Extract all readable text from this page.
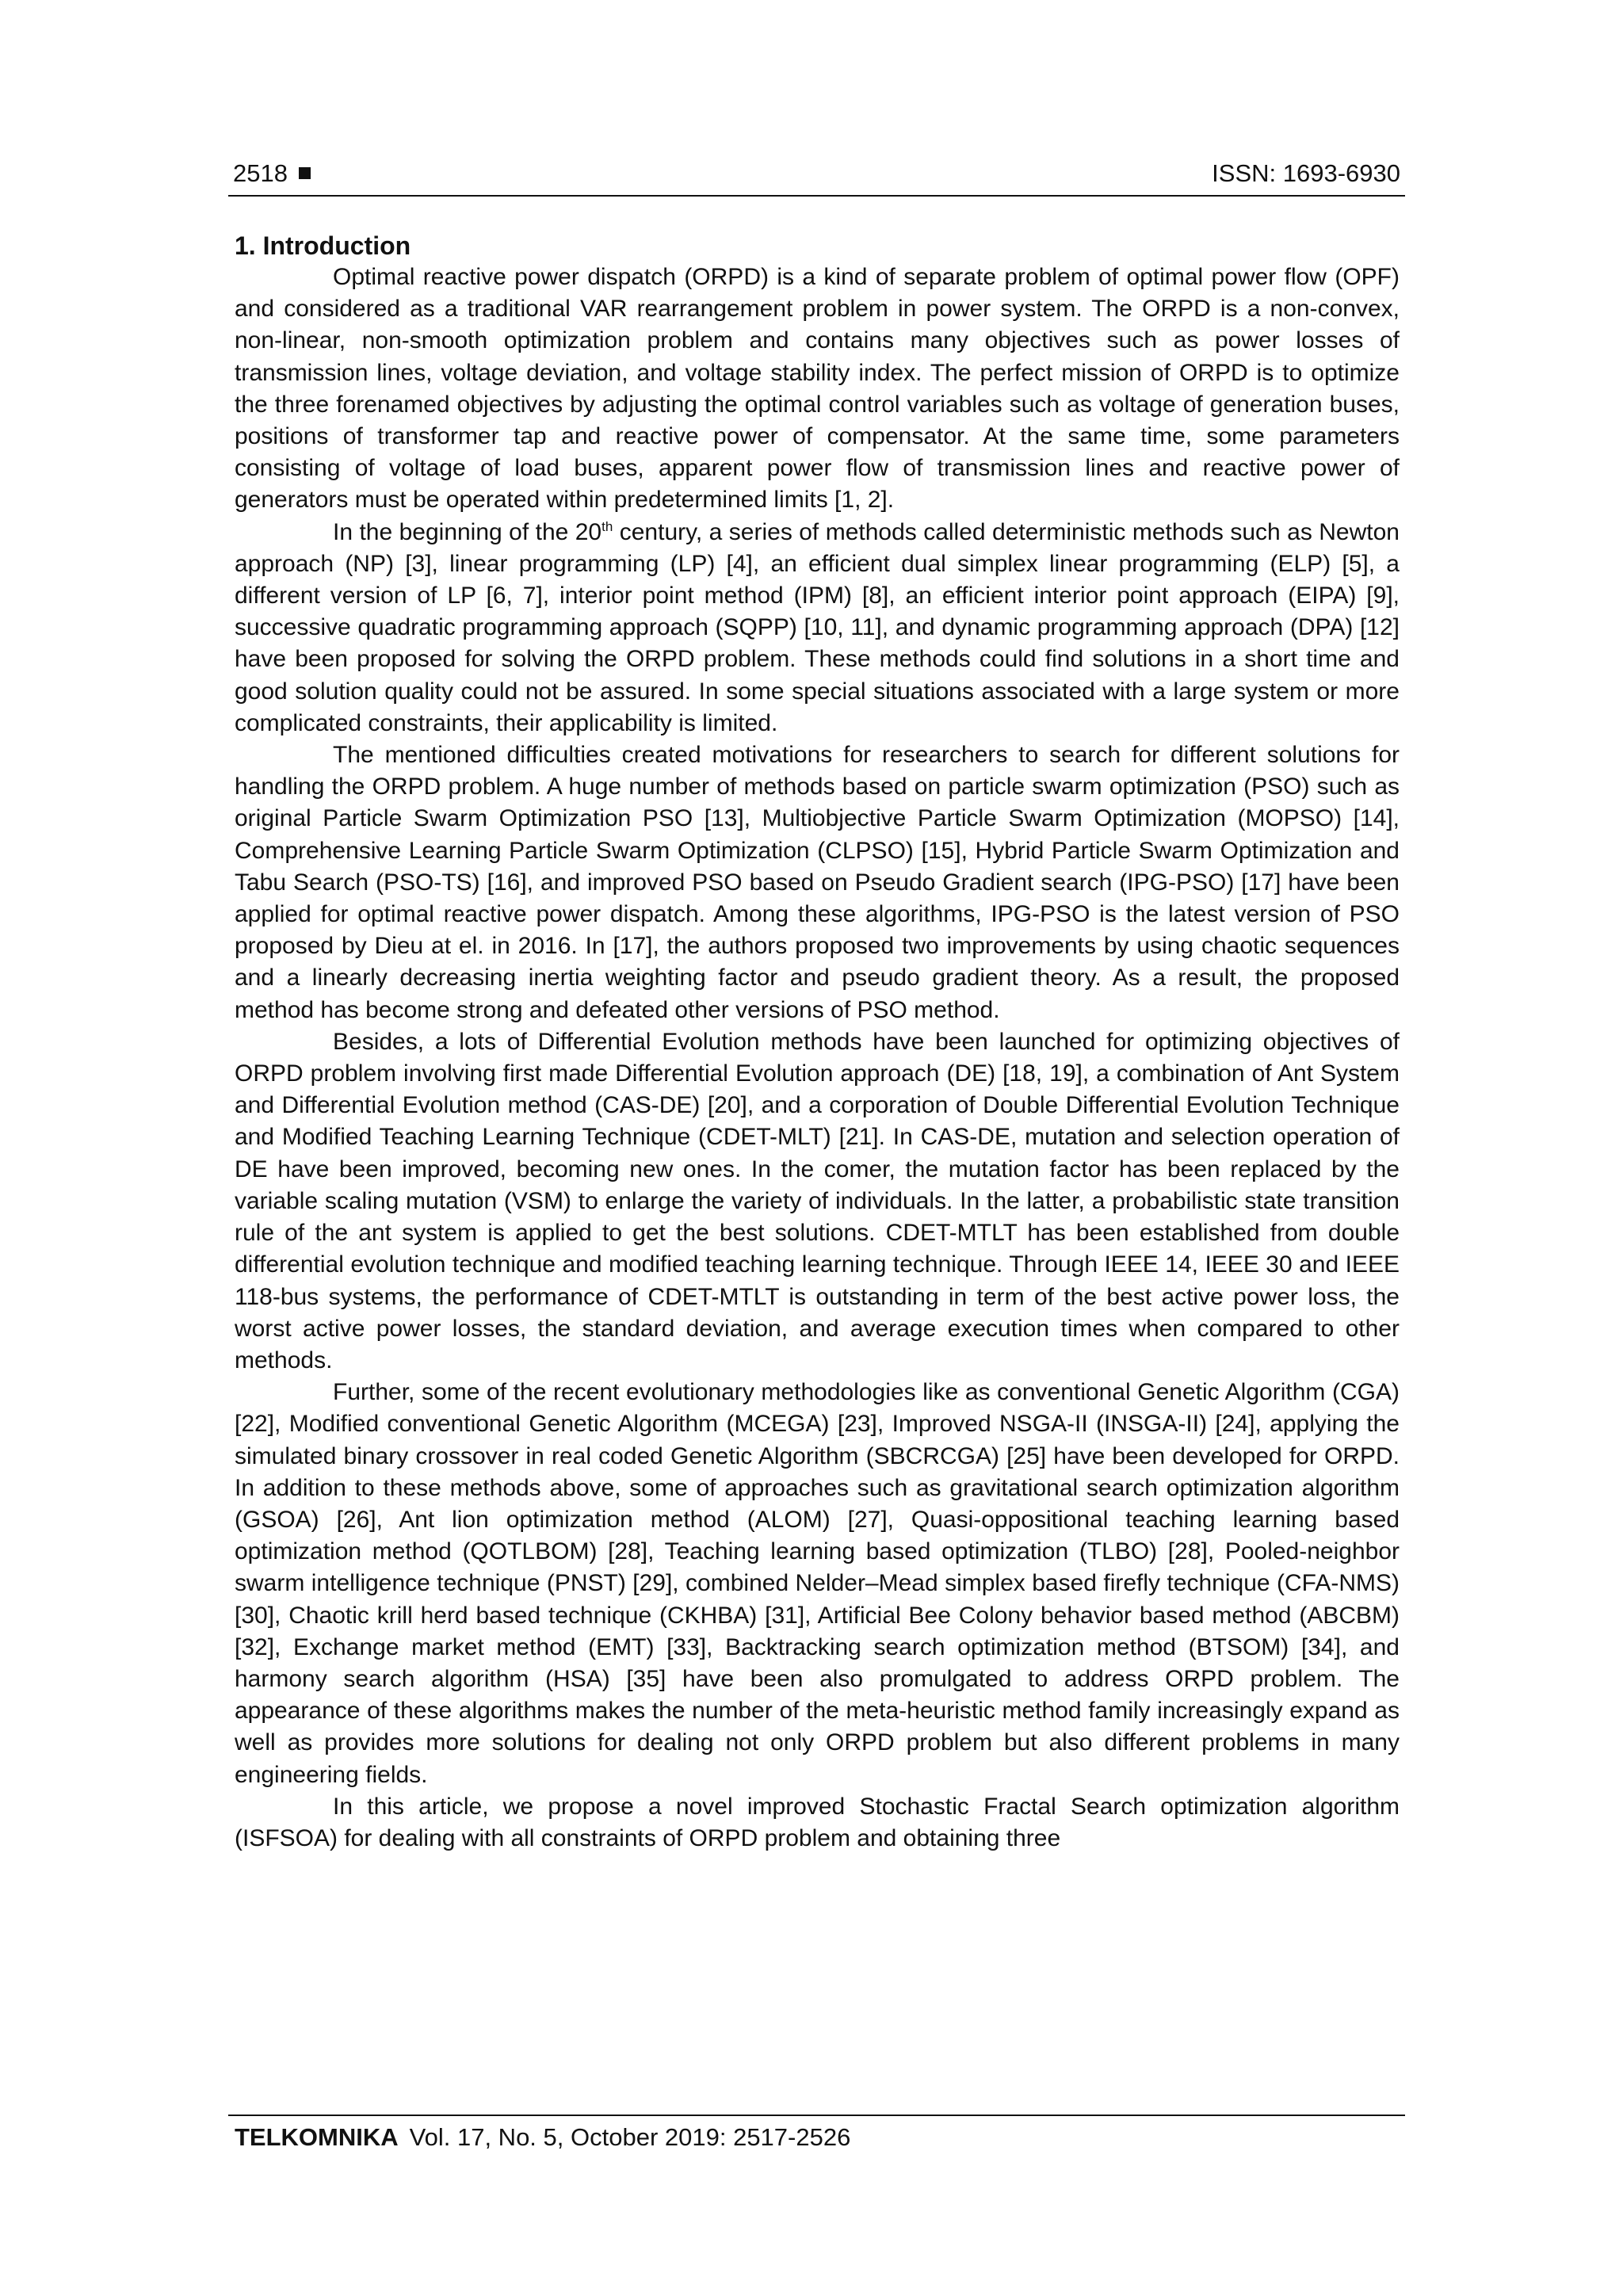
2518	ISSN: 1693-6930
1. Introduction

Optimal reactive power dispatch (ORPD) is a kind of separate problem of optimal power flow (OPF) and considered as a traditional VAR rearrangement problem in power system. The ORPD is a non-convex, non-linear, non-smooth optimization problem and contains many objectives such as power losses of transmission lines, voltage deviation, and voltage stability index. The perfect mission of ORPD is to optimize the three forenamed objectives by adjusting the optimal control variables such as voltage of generation buses, positions of transformer tap and reactive power of compensator. At the same time, some parameters consisting of voltage of load buses, apparent power flow of transmission lines and reactive power of generators must be operated within predetermined limits [1, 2].

In the beginning of the 20th century, a series of methods called deterministic methods such as Newton approach (NP) [3], linear programming (LP) [4], an efficient dual simplex linear programming (ELP) [5], a different version of LP [6, 7], interior point method (IPM) [8], an efficient interior point approach (EIPA) [9], successive quadratic programming approach (SQPP) [10, 11], and dynamic programming approach (DPA) [12] have been proposed for solving the ORPD problem. These methods could find solutions in a short time and good solution quality could not be assured. In some special situations associated with a large system or more complicated constraints, their applicability is limited.

The mentioned difficulties created motivations for researchers to search for different solutions for handling the ORPD problem. A huge number of methods based on particle swarm optimization (PSO) such as original Particle Swarm Optimization PSO [13], Multiobjective Particle Swarm Optimization (MOPSO) [14], Comprehensive Learning Particle Swarm Optimization (CLPSO) [15], Hybrid Particle Swarm Optimization and Tabu Search (PSO-TS) [16], and improved PSO based on Pseudo Gradient search (IPG-PSO) [17] have been applied for optimal reactive power dispatch. Among these algorithms, IPG-PSO is the latest version of PSO proposed by Dieu at el. in 2016. In [17], the authors proposed two improvements by using chaotic sequences and a linearly decreasing inertia weighting factor and pseudo gradient theory. As a result, the proposed method has become strong and defeated other versions of PSO method.

Besides, a lots of Differential Evolution methods have been launched for optimizing objectives of ORPD problem involving first made Differential Evolution approach (DE) [18, 19], a combination of Ant System and Differential Evolution method (CAS-DE) [20], and a corporation of Double Differential Evolution Technique and Modified Teaching Learning Technique (CDET-MLT) [21]. In CAS-DE, mutation and selection operation of DE have been improved, becoming new ones. In the comer, the mutation factor has been replaced by the variable scaling mutation (VSM) to enlarge the variety of individuals. In the latter, a probabilistic state transition rule of the ant system is applied to get the best solutions. CDET-MTLT has been established from double differential evolution technique and modified teaching learning technique. Through IEEE 14, IEEE 30 and IEEE 118-bus systems, the performance of CDET-MTLT is outstanding in term of the best active power loss, the worst active power losses, the standard deviation, and average execution times when compared to other methods.

Further, some of the recent evolutionary methodologies like as conventional Genetic Algorithm (CGA) [22], Modified conventional Genetic Algorithm (MCEGA) [23], Improved NSGA-II (INSGA-II) [24], applying the simulated binary crossover in real coded Genetic Algorithm (SBCRCGA) [25] have been developed for ORPD. In addition to these methods above, some of approaches such as gravitational search optimization algorithm (GSOA) [26], Ant lion optimization method (ALOM) [27], Quasi-oppositional teaching learning based optimization method (QOTLBOM) [28], Teaching learning based optimization (TLBO) [28], Pooled-neighbor swarm intelligence technique (PNST) [29], combined Nelder–Mead simplex based firefly technique (CFA-NMS) [30], Chaotic krill herd based technique (CKHBA) [31], Artificial Bee Colony behavior based method (ABCBM) [32], Exchange market method (EMT) [33], Backtracking search optimization method (BTSOM) [34], and harmony search algorithm (HSA) [35] have been also promulgated to address ORPD problem. The appearance of these algorithms makes the number of the meta-heuristic method family increasingly expand as well as provides more solutions for dealing not only ORPD problem but also different problems in many engineering fields.

In this article, we propose a novel improved Stochastic Fractal Search optimization algorithm (ISFSOA) for dealing with all constraints of ORPD problem and obtaining three

TELKOMNIKA Vol. 17, No. 5, October 2019: 2517-2526
